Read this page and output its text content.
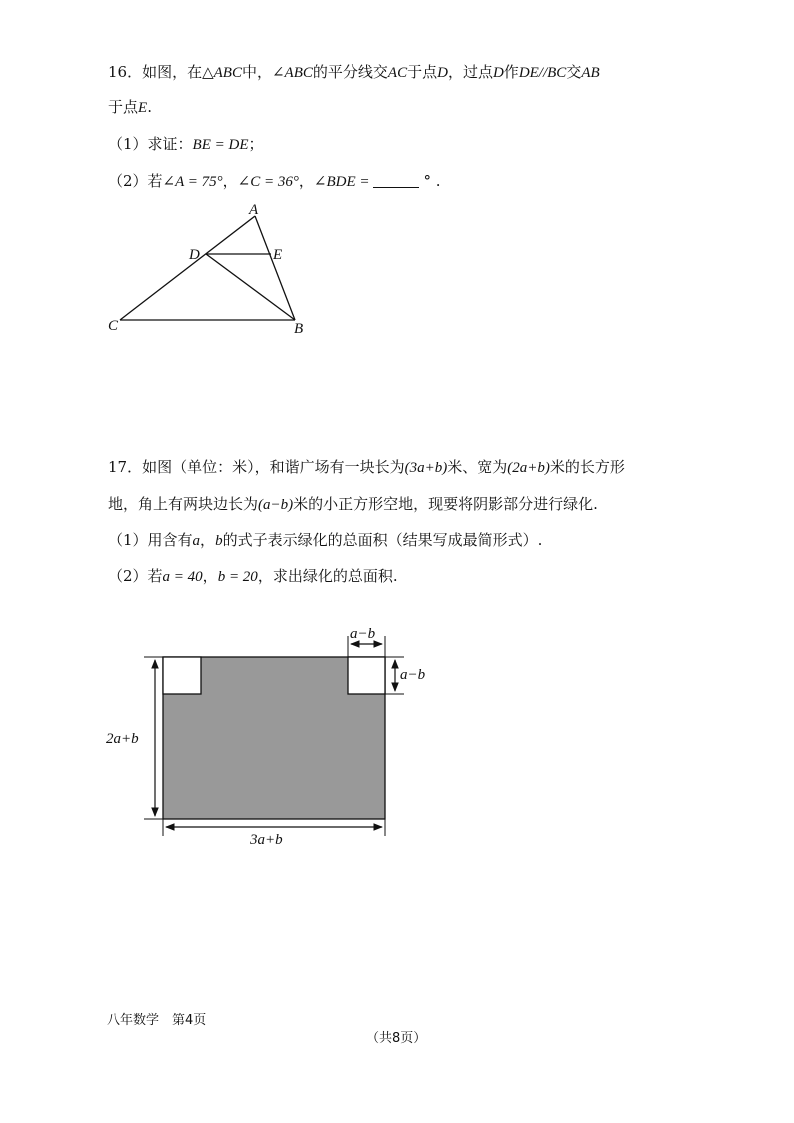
16．如图，在△ABC中，∠ABC的平分线交AC于点D，过点D作DE//BC交AB
于点E.
（1）求证：BE = DE；
（2）若∠A = 75°，∠C = 36°，∠BDE =	° .
A
B
C
D	E
17．如图（单位：米），和谐广场有一块长为(3a+b)米、宽为(2a+b)米的长方形
地，角上有两块边长为(a−b)米的小正方形空地，现要将阴影部分进行绿化.
（1）用含有a，b的式子表示绿化的总面积（结果写成最简形式）.
（2）若a = 40，b = 20，求出绿化的总面积.
a−b
a−b
2a+b
3a+b
八年数学　第4页
（共8页）
